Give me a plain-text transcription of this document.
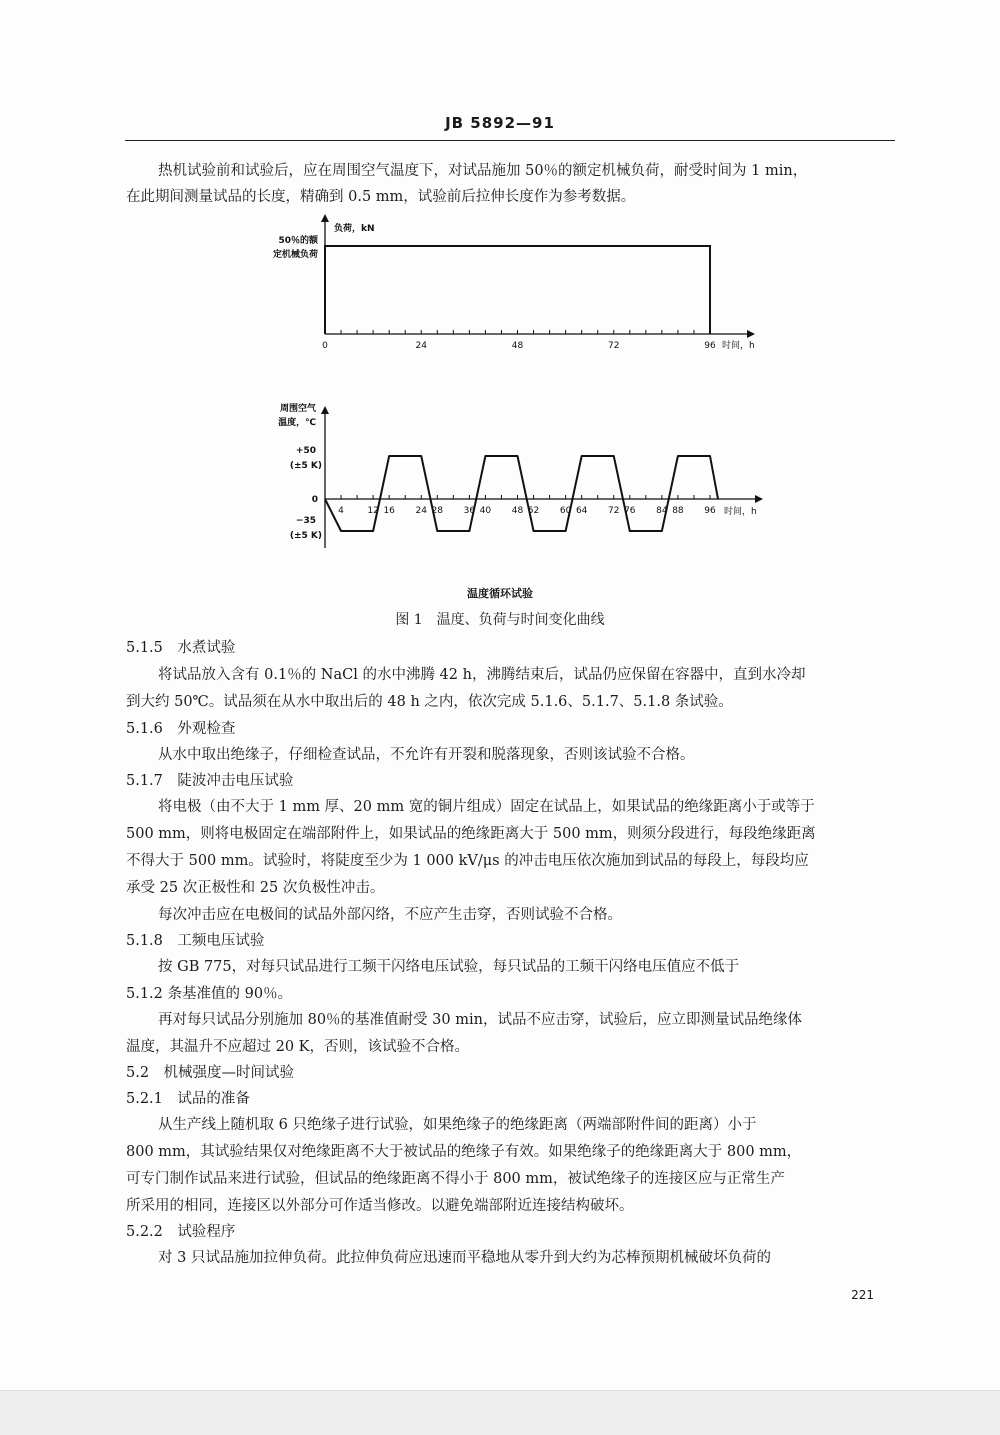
JB 5892—91
热机试验前和试验后，应在周围空气温度下，对试品施加 50％的额定机械负荷，耐受时间为 1 min，
在此期间测量试品的长度，精确到 0.5 mm，试验前后拉伸长度作为参考数据。
负荷，kN
50％的额
定机械负荷
0	24	48	72	96 时间，h
周围空气
温度，℃
+50
(±5 K)
0
−35
(±5 K)
4	12 16 24 28 36 40 48 52 60 64 72 76 84 88 96 时间，h
温度循环试验
图 1　温度、负荷与时间变化曲线
5.1.5　水煮试验
将试品放入含有 0.1％的 NaCl 的水中沸腾 42 h，沸腾结束后，试品仍应保留在容器中，直到水冷却
到大约 50℃。试品须在从水中取出后的 48 h 之内，依次完成 5.1.6、5.1.7、5.1.8 条试验。
5.1.6　外观检查
从水中取出绝缘子，仔细检查试品，不允许有开裂和脱落现象，否则该试验不合格。
5.1.7　陡波冲击电压试验
将电极（由不大于 1 mm 厚、20 mm 宽的铜片组成）固定在试品上，如果试品的绝缘距离小于或等于
500 mm，则将电极固定在端部附件上，如果试品的绝缘距离大于 500 mm，则须分段进行，每段绝缘距离
不得大于 500 mm。试验时，将陡度至少为 1 000 kV/μs 的冲击电压依次施加到试品的每段上，每段均应
承受 25 次正极性和 25 次负极性冲击。
每次冲击应在电极间的试品外部闪络，不应产生击穿，否则试验不合格。
5.1.8　工频电压试验
按 GB 775，对每只试品进行工频干闪络电压试验，每只试品的工频干闪络电压值应不低于
5.1.2 条基准值的 90％。
再对每只试品分别施加 80％的基准值耐受 30 min，试品不应击穿，试验后，应立即测量试品绝缘体
温度，其温升不应超过 20 K，否则，该试验不合格。
5.2　机械强度—时间试验
5.2.1　试品的准备
从生产线上随机取 6 只绝缘子进行试验，如果绝缘子的绝缘距离（两端部附件间的距离）小于
800 mm，其试验结果仅对绝缘距离不大于被试品的绝缘子有效。如果绝缘子的绝缘距离大于 800 mm，
可专门制作试品来进行试验，但试品的绝缘距离不得小于 800 mm，被试绝缘子的连接区应与正常生产
所采用的相同，连接区以外部分可作适当修改。以避免端部附近连接结构破坏。
5.2.2　试验程序
对 3 只试品施加拉伸负荷。此拉伸负荷应迅速而平稳地从零升到大约为芯棒预期机械破坏负荷的
221
